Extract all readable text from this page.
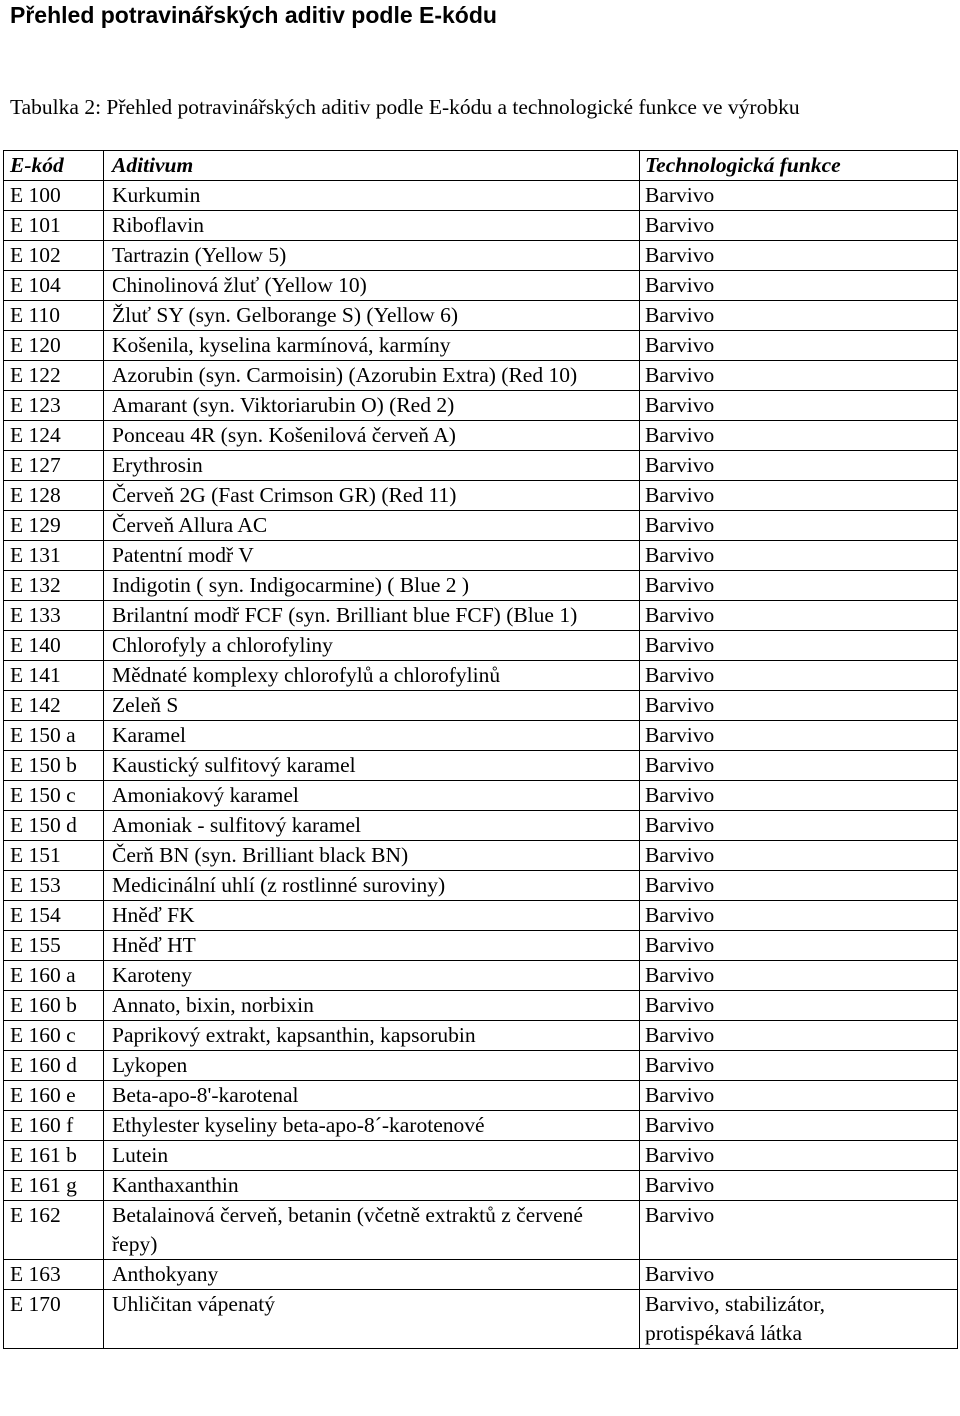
Přehled potravinářských aditiv podle E-kódu

Tabulka 2: Přehled potravinářských aditiv podle E-kódu a technologické funkce ve výrobku

E-kód	Aditivum	Technologická funkce
E 100	Kurkumin	Barvivo
E 101	Riboflavin	Barvivo
E 102	Tartrazin (Yellow 5)	Barvivo
E 104	Chinolinová žluť (Yellow 10)	Barvivo
E 110	Žluť SY (syn. Gelborange S) (Yellow 6)	Barvivo
E 120	Košenila, kyselina karmínová, karmíny	Barvivo
E 122	Azorubin (syn. Carmoisin) (Azorubin Extra) (Red 10)	Barvivo
E 123	Amarant (syn. Viktoriarubin O) (Red 2)	Barvivo
E 124	Ponceau 4R (syn. Košenilová červeň A)	Barvivo
E 127	Erythrosin	Barvivo
E 128	Červeň 2G (Fast Crimson GR) (Red 11)	Barvivo
E 129	Červeň Allura AC	Barvivo
E 131	Patentní modř V	Barvivo
E 132	Indigotin ( syn. Indigocarmine) ( Blue 2 )	Barvivo
E 133	Brilantní modř FCF (syn. Brilliant blue FCF) (Blue 1)	Barvivo
E 140	Chlorofyly a chlorofyliny	Barvivo
E 141	Mědnaté komplexy chlorofylů a chlorofylinů	Barvivo
E 142	Zeleň S	Barvivo
E 150 a	Karamel	Barvivo
E 150 b	Kaustický sulfitový karamel	Barvivo
E 150 c	Amoniakový karamel	Barvivo
E 150 d	Amoniak - sulfitový karamel	Barvivo
E 151	Čerň BN (syn. Brilliant black BN)	Barvivo
E 153	Medicinální uhlí (z rostlinné suroviny)	Barvivo
E 154	Hněď FK	Barvivo
E 155	Hněď HT	Barvivo
E 160 a	Karoteny	Barvivo
E 160 b	Annato, bixin, norbixin	Barvivo
E 160 c	Paprikový extrakt, kapsanthin, kapsorubin	Barvivo
E 160 d	Lykopen	Barvivo
E 160 e	Beta-apo-8'-karotenal	Barvivo
E 160 f	Ethylester kyseliny beta-apo-8´-karotenové	Barvivo
E 161 b	Lutein	Barvivo
E 161 g	Kanthaxanthin	Barvivo
E 162	Betalainová červeň, betanin (včetně extraktů z červené řepy)	Barvivo
E 163	Anthokyany	Barvivo
E 170	Uhličitan vápenatý	Barvivo, stabilizátor, protispékavá látka
